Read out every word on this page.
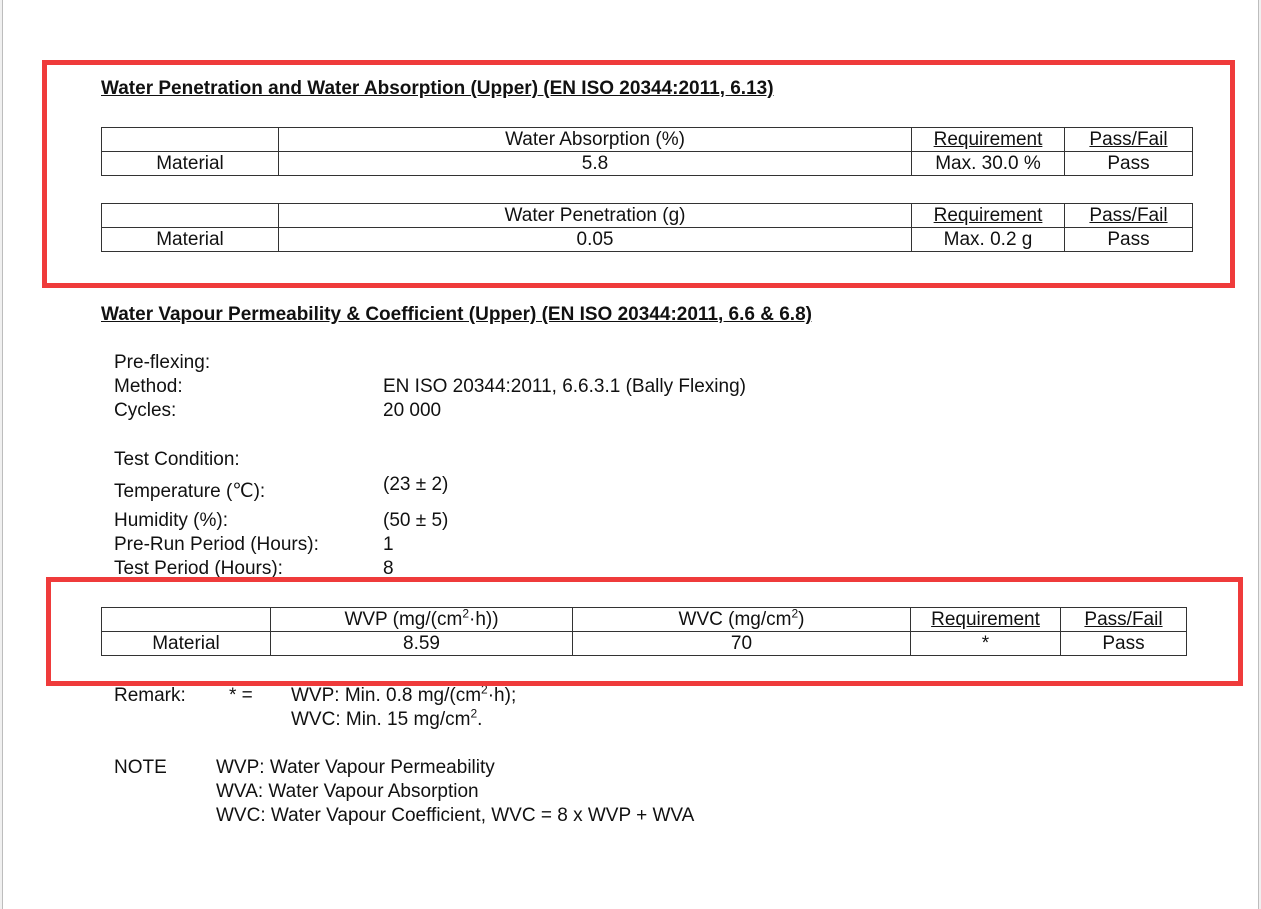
Water Penetration and Water Absorption (Upper) (EN ISO 20344:2011, 6.13)
	Water Absorption (%)	Requirement	Pass/Fail
Material	5.8	Max. 30.0 %	Pass
	Water Penetration (g)	Requirement	Pass/Fail
Material	0.05	Max. 0.2 g	Pass
Water Vapour Permeability & Coefficient (Upper) (EN ISO 20344:2011, 6.6 & 6.8)
Pre-flexing:
Method:	EN ISO 20344:2011, 6.6.3.1 (Bally Flexing)
Cycles:	20 000
Test Condition:
Temperature (℃):	(23 ± 2)
Humidity (%):	(50 ± 5)
Pre-Run Period (Hours):	1
Test Period (Hours):	8
	WVP $(mg/(cm^2\cdot h))$	WVC $(mg/cm^2)$	Requirement	Pass/Fail
Material	8.59	70	*	Pass
Remark: * = WVP: Min. 0.8 $mg/(cm^2\cdot h)$;
WVC: Min. 15 $mg/cm^2$.
NOTE	WVP: Water Vapour Permeability
WVA: Water Vapour Absorption
WVC: Water Vapour Coefficient, WVC = 8 x WVP + WVA
